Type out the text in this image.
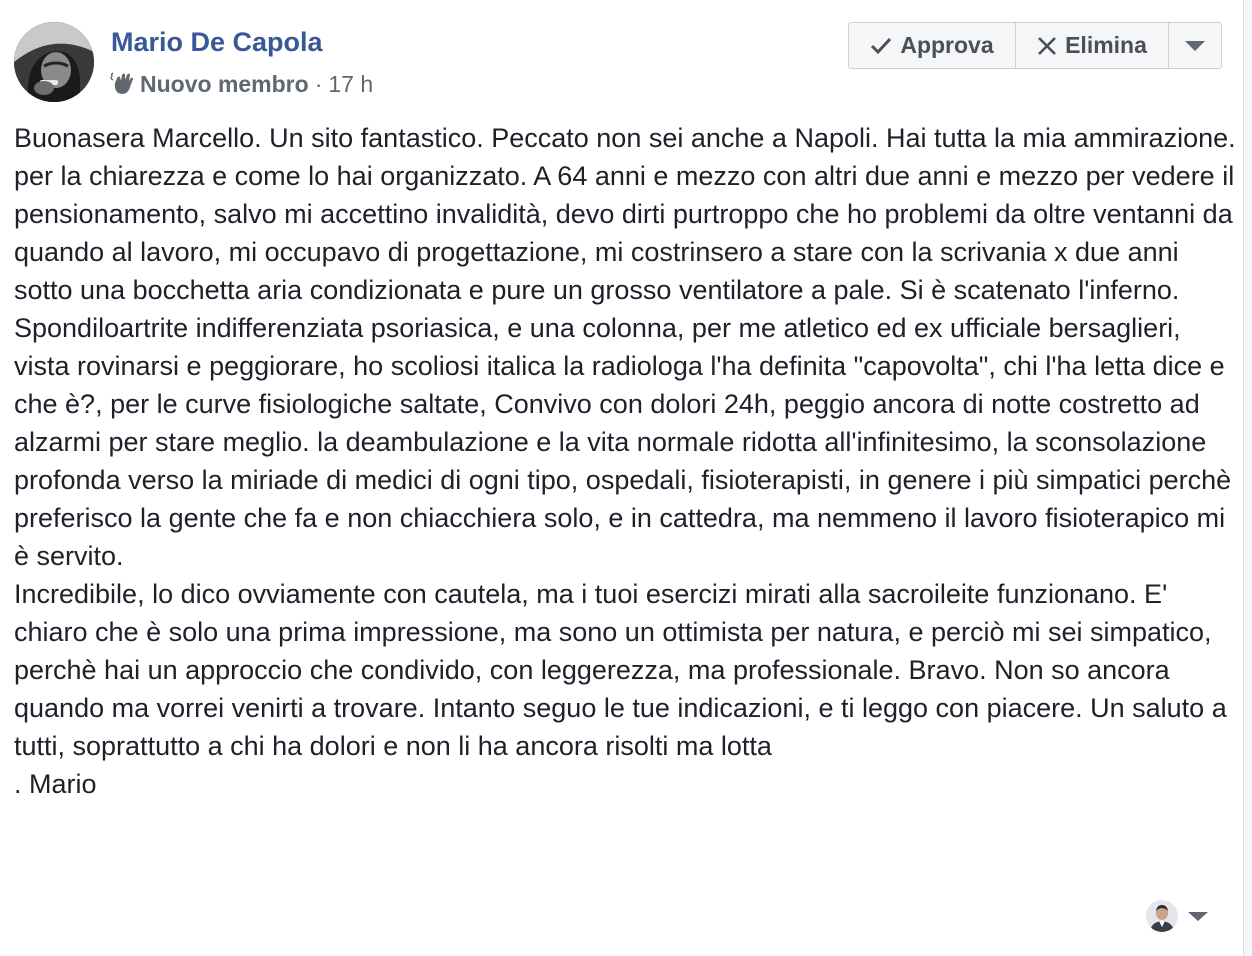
Mario De Capola
Nuovo membro · 17 h
Approva	Elimina

Buonasera Marcello. Un sito fantastico. Peccato non sei anche a Napoli. Hai tutta la mia ammirazione. per la chiarezza e come lo hai organizzato. A 64 anni e mezzo con altri due anni e mezzo per vedere il pensionamento, salvo mi accettino invalidità, devo dirti purtroppo che ho problemi da oltre ventanni da quando al lavoro, mi occupavo di progettazione, mi costrinsero a stare con la scrivania x due anni sotto una bocchetta aria condizionata e pure un grosso ventilatore a pale. Si è scatenato l'inferno. Spondiloartrite indifferenziata psoriasica, e una colonna, per me atletico ed ex ufficiale bersaglieri, vista rovinarsi e peggiorare, ho scoliosi italica la radiologa l'ha definita "capovolta", chi l'ha letta dice e che è?, per le curve fisiologiche saltate, Convivo con dolori 24h, peggio ancora di notte costretto ad alzarmi per stare meglio. la deambulazione e la vita normale ridotta all'infinitesimo, la sconsolazione profonda verso la miriade di medici di ogni tipo, ospedali, fisioterapisti, in genere i più simpatici perchè preferisco la gente che fa e non chiacchiera solo, e in cattedra, ma nemmeno il lavoro fisioterapico mi è servito.

Incredibile, lo dico ovviamente con cautela, ma i tuoi esercizi mirati alla sacroileite funzionano. E' chiaro che è solo una prima impressione, ma sono un ottimista per natura, e perciò mi sei simpatico, perchè hai un approccio che condivido, con leggerezza, ma professionale. Bravo. Non so ancora quando ma vorrei venirti a trovare. Intanto seguo le tue indicazioni, e ti leggo con piacere. Un saluto a tutti, soprattutto a chi ha dolori e non li ha ancora risolti ma lotta

. Mario
